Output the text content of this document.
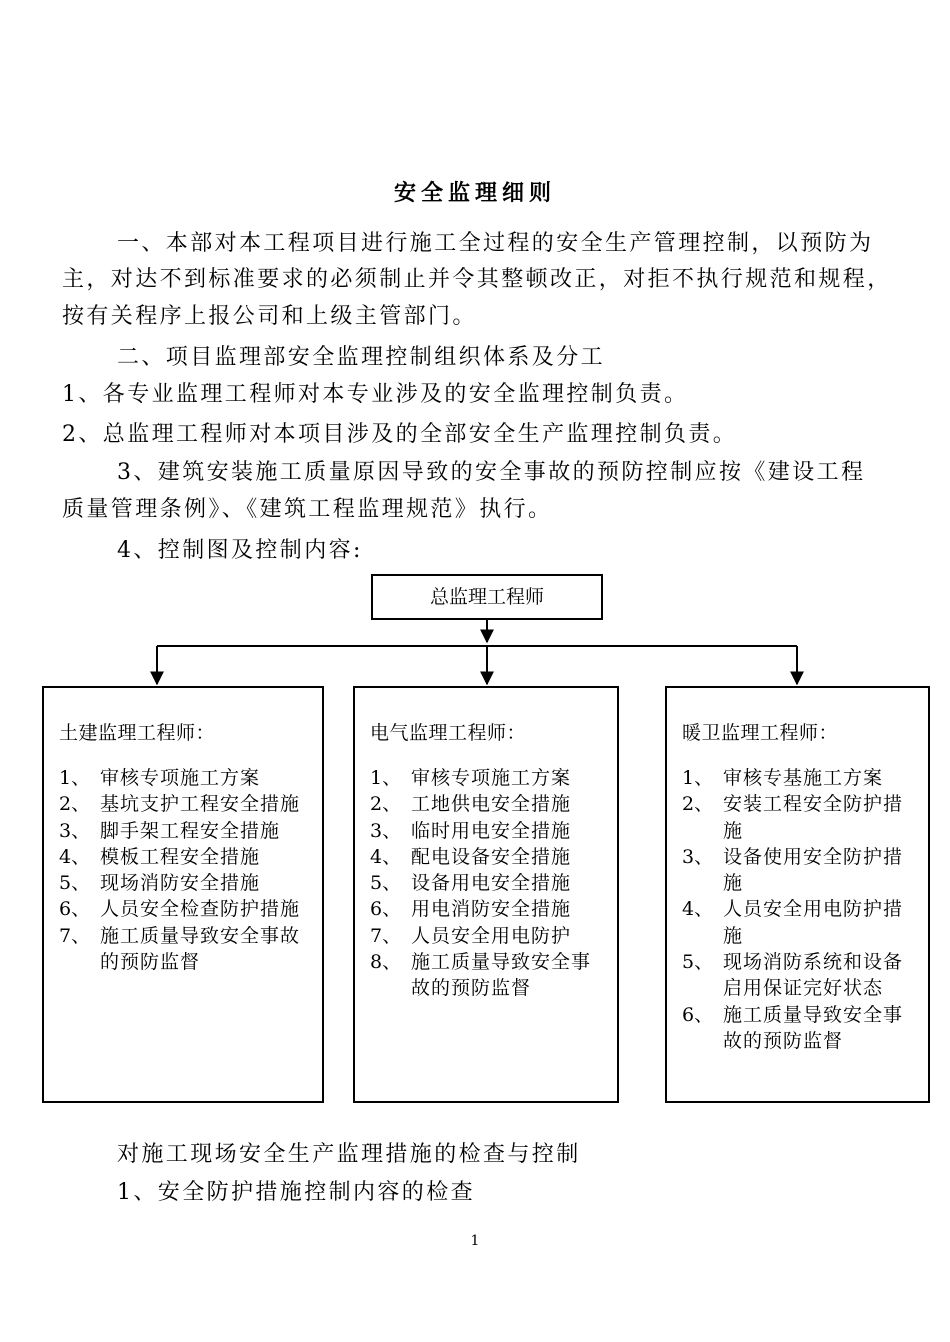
安全监理细则
一、本部对本工程项目进行施工全过程的安全生产管理控制，以预防为
主，对达不到标准要求的必须制止并令其整顿改正，对拒不执行规范和规程，
按有关程序上报公司和上级主管部门。
二、项目监理部安全监理控制组织体系及分工
1、各专业监理工程师对本专业涉及的安全监理控制负责。
2、总监理工程师对本项目涉及的全部安全生产监理控制负责。
3、建筑安装施工质量原因导致的安全事故的预防控制应按《建设工程
质量管理条例》、《建筑工程监理规范》执行。
4、控制图及控制内容:
总监理工程师
土建监理工程师：
1、 审核专项施工方案
2、 基坑支护工程安全措施
3、 脚手架工程安全措施
4、 模板工程安全措施
5、 现场消防安全措施
6、 人员安全检查防护措施
7、 施工质量导致安全事故的预防监督
电气监理工程师：
1、 审核专项施工方案
2、 工地供电安全措施
3、 临时用电安全措施
4、 配电设备安全措施
5、 设备用电安全措施
6、 用电消防安全措施
7、 人员安全用电防护
8、 施工质量导致安全事故的预防监督
暖卫监理工程师：
1、 审核专基施工方案
2、 安装工程安全防护措施
3、 设备使用安全防护措施
4、 人员安全用电防护措施
5、 现场消防系统和设备启用保证完好状态
6、 施工质量导致安全事故的预防监督
对施工现场安全生产监理措施的检查与控制
1、安全防护措施控制内容的检查
1
